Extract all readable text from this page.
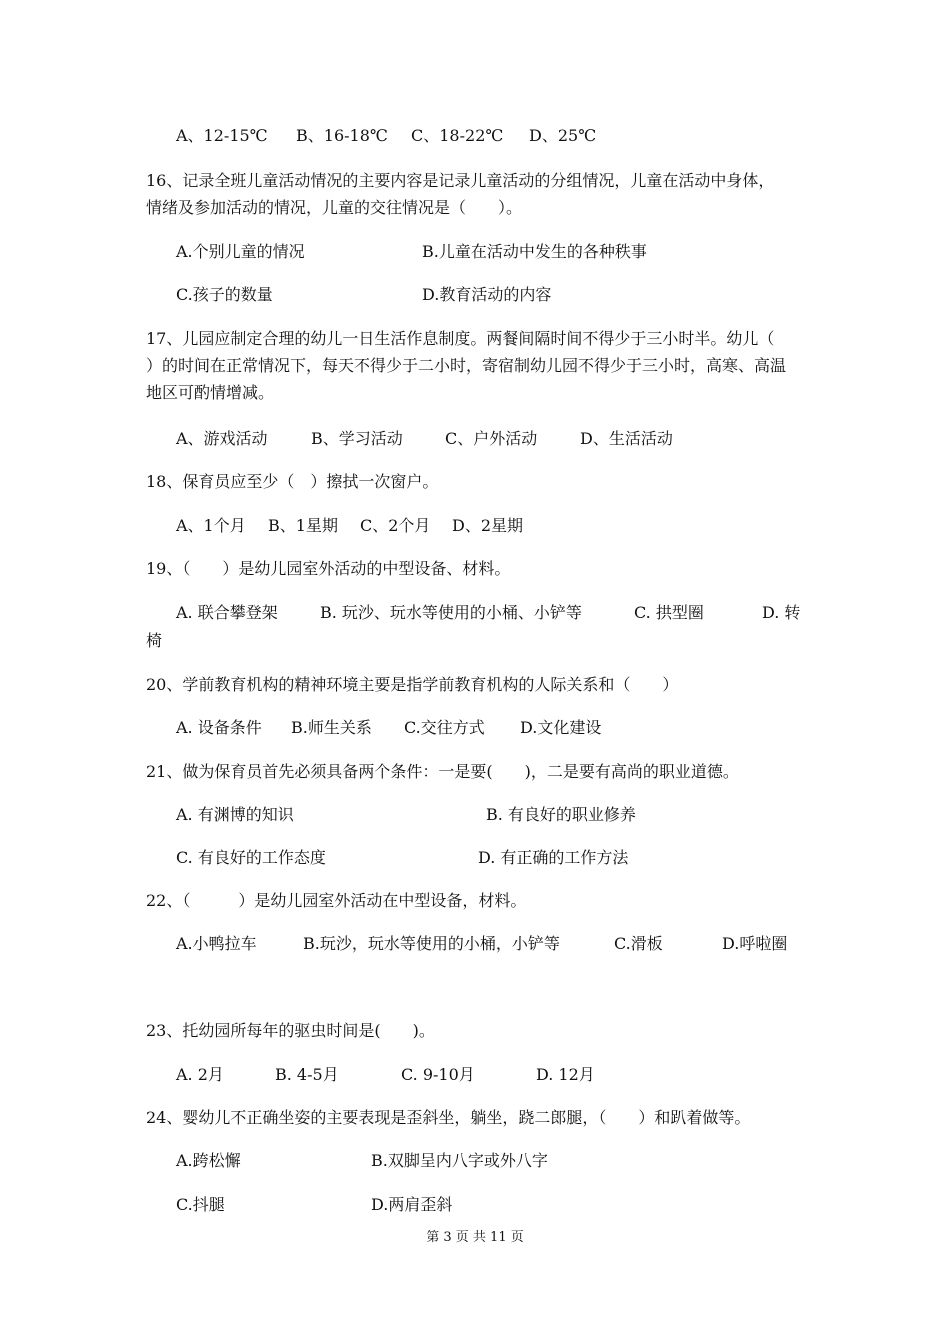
A、12-15℃ B、16-18℃ C、18-22℃ D、25℃
16、记录全班儿童活动情况的主要内容是记录儿童活动的分组情况，儿童在活动中身体，
情绪及参加活动的情况，儿童的交往情况是（　　）。
A.个别儿童的情况	B.儿童在活动中发生的各种秩事
C.孩子的数量	D.教育活动的内容
17、儿园应制定合理的幼儿一日生活作息制度。两餐间隔时间不得少于三小时半。幼儿（
）的时间在正常情况下，每天不得少于二小时，寄宿制幼儿园不得少于三小时，高寒、高温
地区可酌情增减。
A、游戏活动	B、学习活动	C、户外活动	D、生活活动
18、保育员应至少（　）擦拭一次窗户。
A、1个月 B、1星期 C、2个月 D、2星期
19、（　　）是幼儿园室外活动的中型设备、材料。
A. 联合攀登架	B. 玩沙、玩水等使用的小桶、小铲等	C. 拱型圈	D. 转
椅
20、学前教育机构的精神环境主要是指学前教育机构的人际关系和（　　）
A. 设备条件 B.师生关系 C.交往方式 D.文化建设
21、做为保育员首先必须具备两个条件：一是要(　　)，二是要有高尚的职业道德。
A. 有渊博的知识	B. 有良好的职业修养
C. 有良好的工作态度	D. 有正确的工作方法
22、（　　　）是幼儿园室外活动在中型设备，材料。
A.小鸭拉车	B.玩沙，玩水等使用的小桶，小铲等	C.滑板	D.呼啦圈
23、托幼园所每年的驱虫时间是(　　)。
A. 2月	B. 4-5月	C. 9-10月	D. 12月
24、婴幼儿不正确坐姿的主要表现是歪斜坐，躺坐，跷二郎腿，（　　）和趴着做等。
A.跨松懈	B.双脚呈内八字或外八字
C.抖腿	D.两肩歪斜
第 3 页 共 11 页
